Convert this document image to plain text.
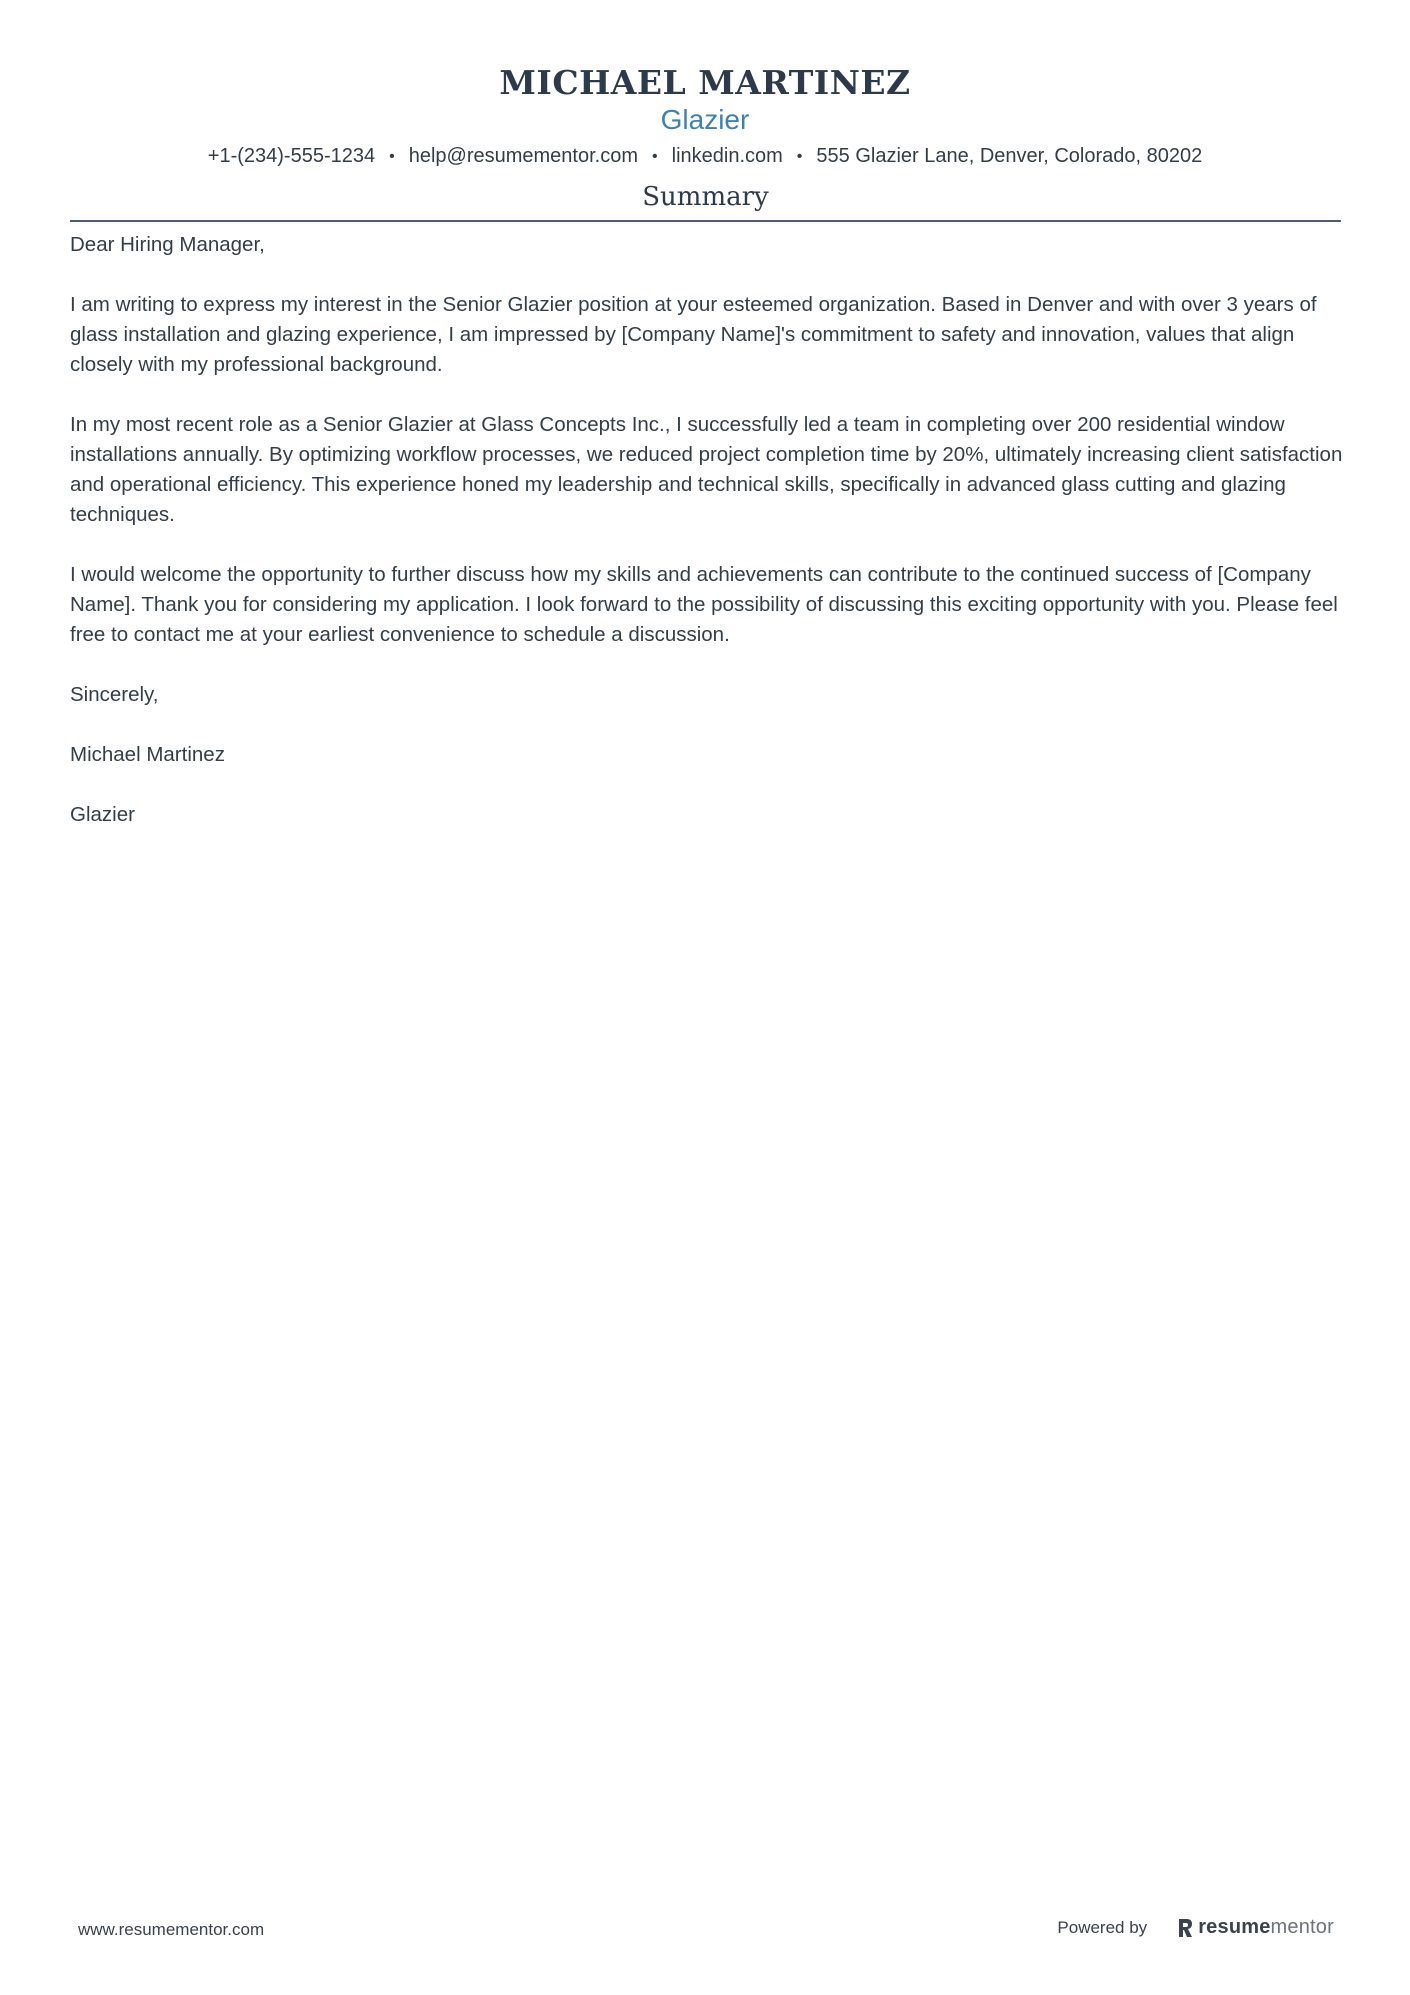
MICHAEL MARTINEZ
Glazier
+1-(234)-555-1234 • help@resumementor.com • linkedin.com • 555 Glazier Lane, Denver, Colorado, 80202
Summary

Dear Hiring Manager,

I am writing to express my interest in the Senior Glazier position at your esteemed organization. Based in Denver and with over 3 years of glass installation and glazing experience, I am impressed by [Company Name]'s commitment to safety and innovation, values that align closely with my professional background.

In my most recent role as a Senior Glazier at Glass Concepts Inc., I successfully led a team in completing over 200 residential window installations annually. By optimizing workflow processes, we reduced project completion time by 20%, ultimately increasing client satisfaction and operational efficiency. This experience honed my leadership and technical skills, specifically in advanced glass cutting and glazing techniques.

I would welcome the opportunity to further discuss how my skills and achievements can contribute to the continued success of [Company Name]. Thank you for considering my application. I look forward to the possibility of discussing this exciting opportunity with you. Please feel free to contact me at your earliest convenience to schedule a discussion.

Sincerely,

Michael Martinez

Glazier

www.resumementor.com	Powered by	resumementor
